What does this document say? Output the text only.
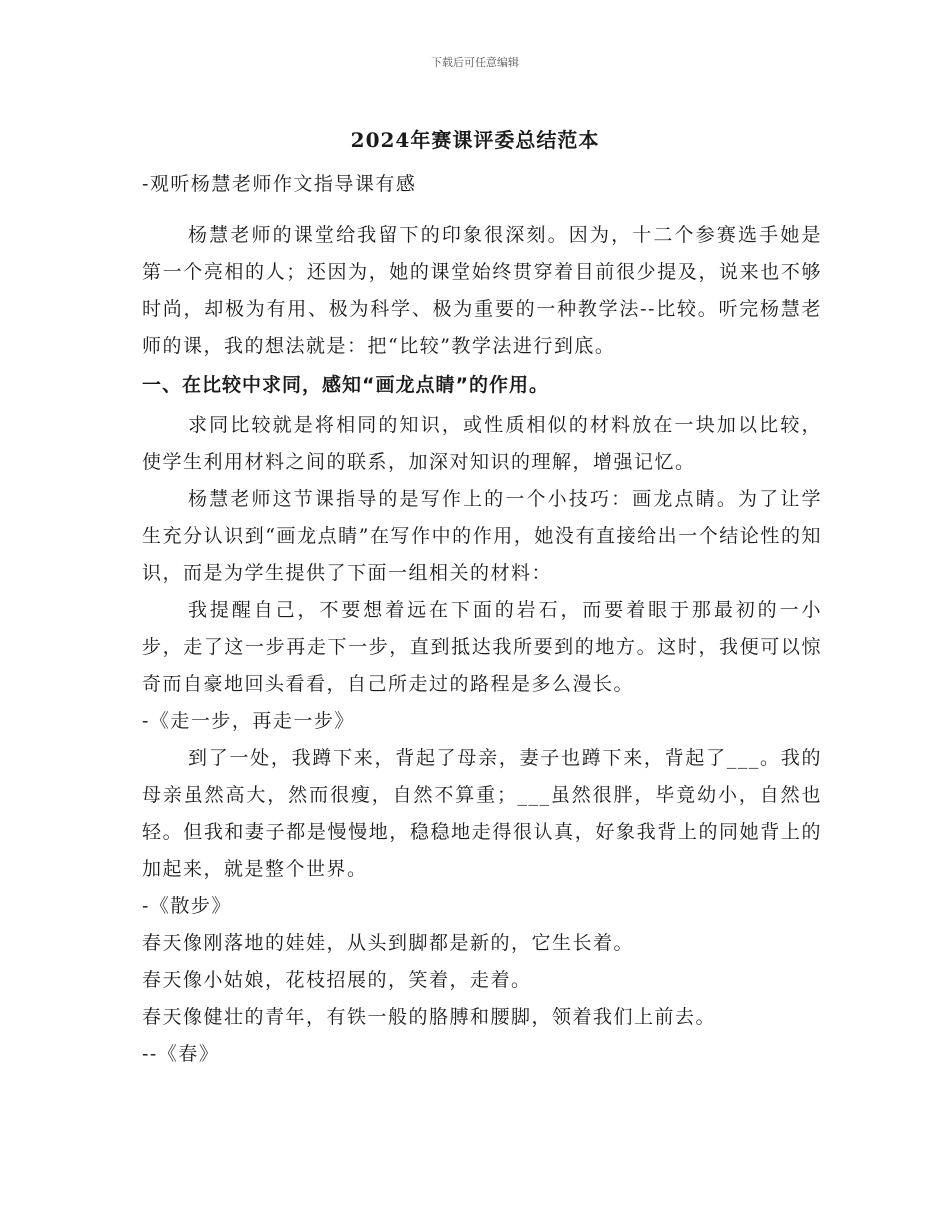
下载后可任意编辑
2024年赛课评委总结范本

-观听杨慧老师作文指导课有感

杨慧老师的课堂给我留下的印象很深刻。因为，十二个参赛选手她是第一个亮相的人；还因为，她的课堂始终贯穿着目前很少提及，说来也不够时尚，却极为有用、极为科学、极为重要的一种教学法--比较。听完杨慧老师的课，我的想法就是：把“比较”教学法进行到底。

一、在比较中求同，感知“画龙点睛”的作用。

求同比较就是将相同的知识，或性质相似的材料放在一块加以比较，使学生利用材料之间的联系，加深对知识的理解，增强记忆。

杨慧老师这节课指导的是写作上的一个小技巧：画龙点睛。为了让学生充分认识到“画龙点睛”在写作中的作用，她没有直接给出一个结论性的知识，而是为学生提供了下面一组相关的材料：

我提醒自己，不要想着远在下面的岩石，而要着眼于那最初的一小步，走了这一步再走下一步，直到抵达我所要到的地方。这时，我便可以惊奇而自豪地回头看看，自己所走过的路程是多么漫长。

-《走一步，再走一步》

到了一处，我蹲下来，背起了母亲，妻子也蹲下来，背起了___。我的母亲虽然高大，然而很瘦，自然不算重；___虽然很胖，毕竟幼小，自然也轻。但我和妻子都是慢慢地，稳稳地走得很认真，好象我背上的同她背上的加起来，就是整个世界。

-《散步》

春天像刚落地的娃娃，从头到脚都是新的，它生长着。

春天像小姑娘，花枝招展的，笑着，走着。

春天像健壮的青年，有铁一般的胳膊和腰脚，领着我们上前去。

--《春》
